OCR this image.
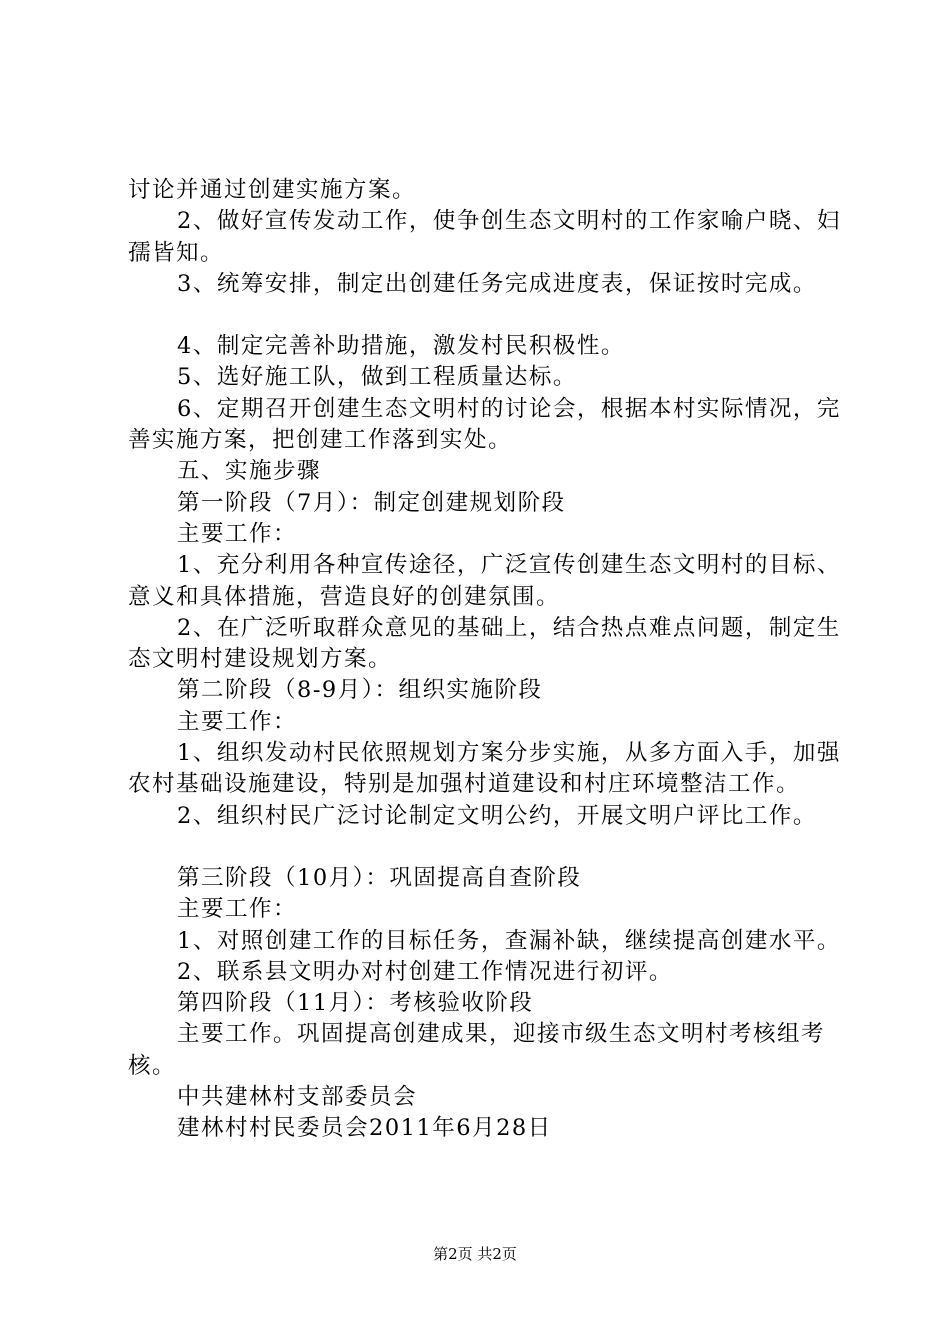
讨论并通过创建实施方案。

2、做好宣传发动工作，使争创生态文明村的工作家喻户晓、妇孺皆知。

3、统筹安排，制定出创建任务完成进度表，保证按时完成。

4、制定完善补助措施，激发村民积极性。

5、选好施工队，做到工程质量达标。

6、定期召开创建生态文明村的讨论会，根据本村实际情况，完善实施方案，把创建工作落到实处。

五、实施步骤

第一阶段（7月）：制定创建规划阶段

主要工作：

1、充分利用各种宣传途径，广泛宣传创建生态文明村的目标、意义和具体措施，营造良好的创建氛围。

2、在广泛听取群众意见的基础上，结合热点难点问题，制定生态文明村建设规划方案。

第二阶段（8-9月）：组织实施阶段

主要工作：

1、组织发动村民依照规划方案分步实施，从多方面入手，加强农村基础设施建设，特别是加强村道建设和村庄环境整洁工作。

2、组织村民广泛讨论制定文明公约，开展文明户评比工作。

第三阶段（10月）：巩固提高自查阶段

主要工作：

1、对照创建工作的目标任务，查漏补缺，继续提高创建水平。

2、联系县文明办对村创建工作情况进行初评。

第四阶段（11月）：考核验收阶段

主要工作。巩固提高创建成果，迎接市级生态文明村考核组考核。

中共建林村支部委员会

建林村村民委员会2011年6月28日

第2页 共2页
